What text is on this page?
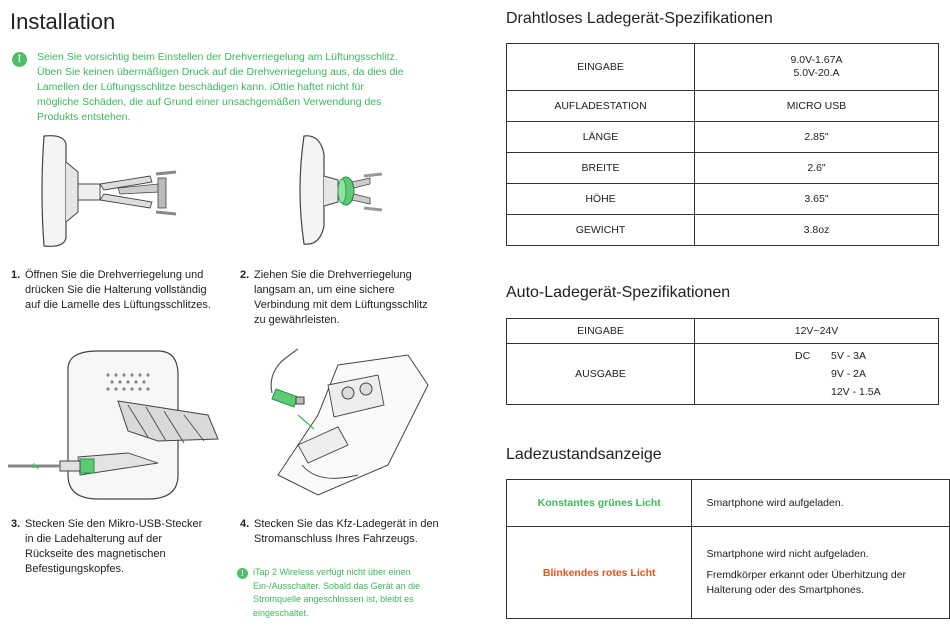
Installation
!	Seien Sie vorsichtig beim Einstellen der Drehverriegelung am Lüftungsschlitz. Üben Sie keinen übermäßigen Druck auf die Drehverriegelung aus, da dies die Lamellen der Lüftungsschlitze beschädigen kann. iOttie haftet nicht für mögliche Schäden, die auf Grund einer unsachgemäßen Verwendung des Produkts entstehen.
1. Öffnen Sie die Drehverriegelung und drücken Sie die Halterung vollständig auf die Lamelle des Lüftungsschlitzes.
2. Ziehen Sie die Drehverriegelung langsam an, um eine sichere Verbindung mit dem Lüftungsschlitz zu gewährleisten.
⇆
3. Stecken Sie den Mikro-USB-Stecker in die Ladehalterung auf der Rückseite des magnetischen Befestigungskopfes.
4. Stecken Sie das Kfz-Ladegerät in den Stromanschluss Ihres Fahrzeugs.
!	iTap 2 Wireless verfügt nicht über einen Ein-/Ausschalter. Sobald das Gerät an die Stromquelle angeschlossen ist, bleibt es eingeschaltet.
Drahtloses Ladegerät-Spezifikationen
EINGABE	9.0V-1.67A
5.0V-20.A

AUFLADESTATION	MICRO USB
LÄNGE	2.85"
BREITE	2.6"
HÖHE	3.65"
GEWICHT	3.8oz
Auto-Ladegerät-Spezifikationen
EINGABE	12V~24V
AUSGABE	DC 5V - 3A
9V - 2A
12V - 1.5A
Ladezustandsanzeige
Konstantes grünes Licht	Smartphone wird aufgeladen.
Blinkendes rotes Licht	Smartphone wird nicht aufgeladen.
Fremdkörper erkannt oder Überhitzung der Halterung oder des Smartphones.
